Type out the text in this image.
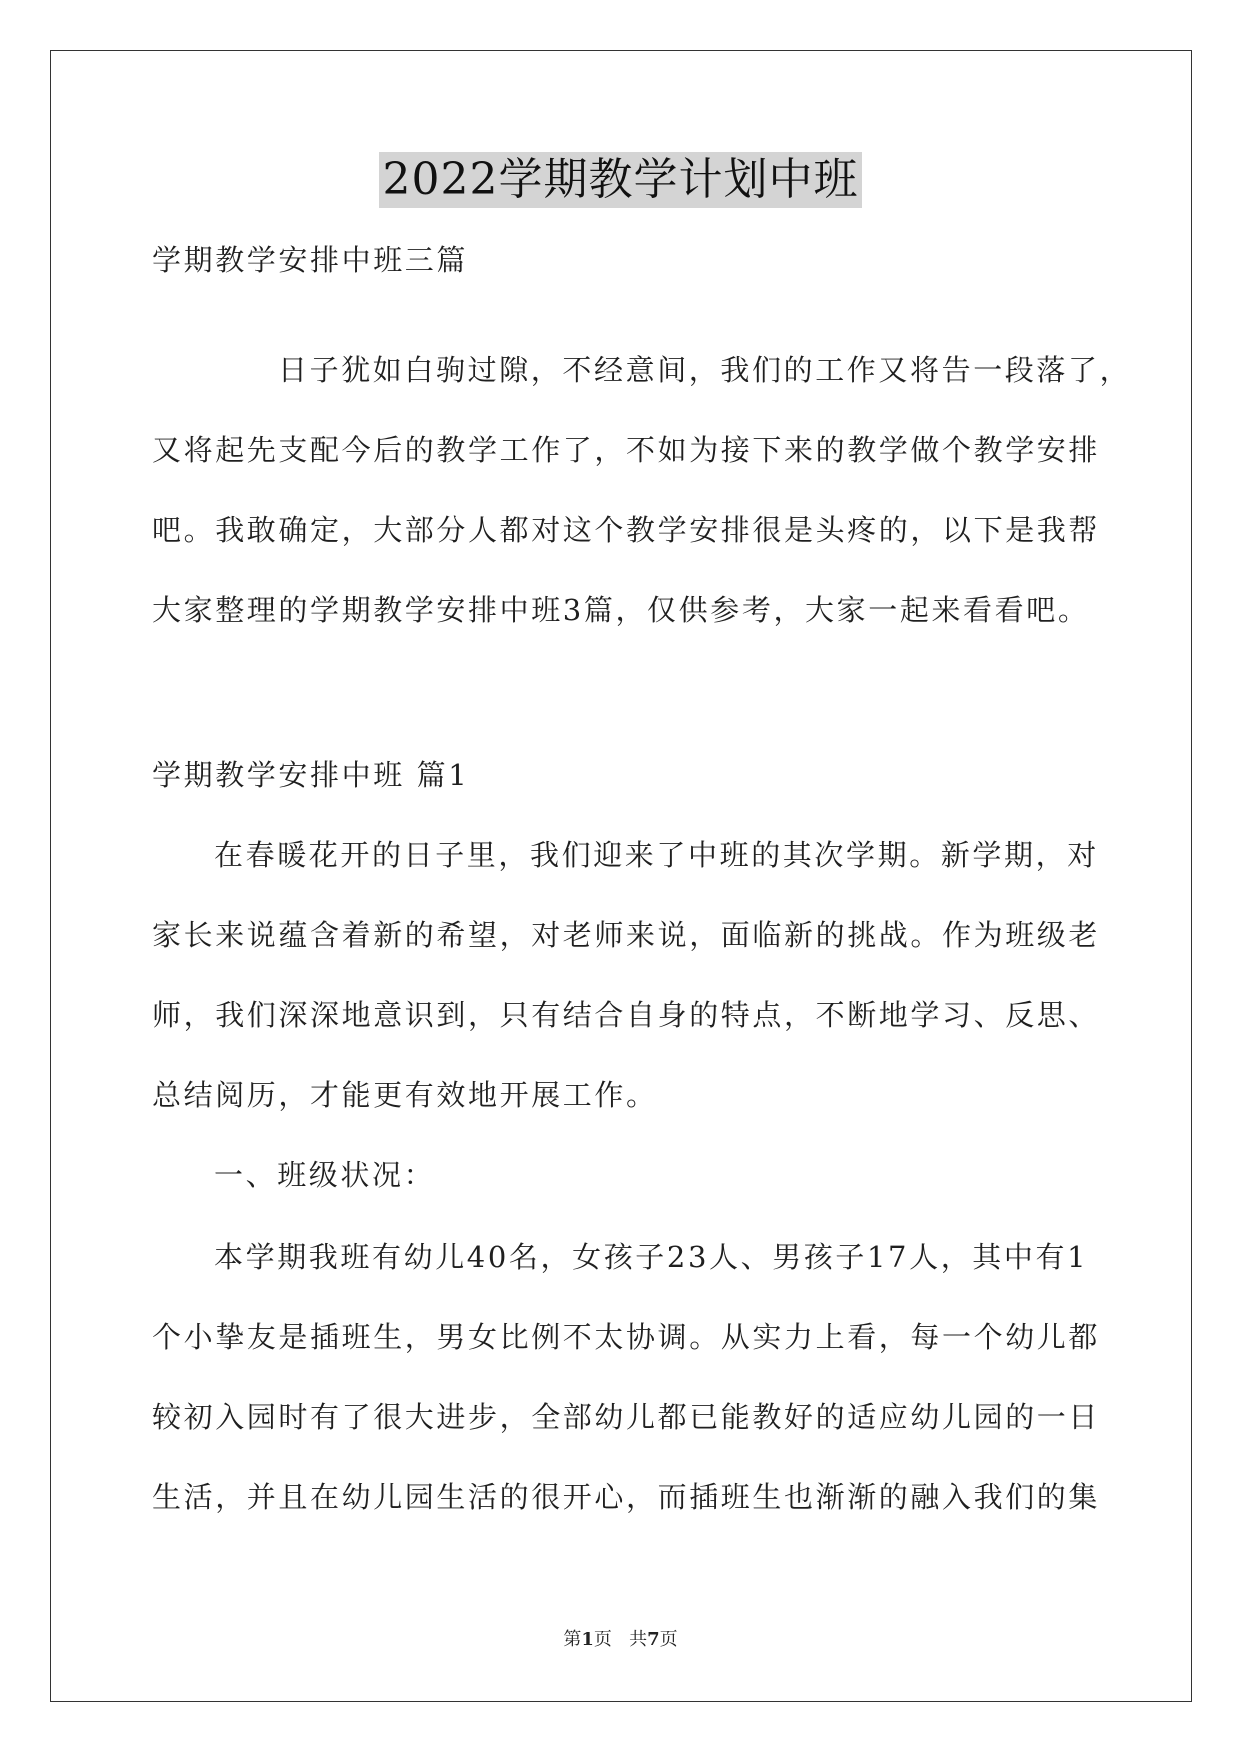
2022学期教学计划中班
学期教学安排中班三篇
日子犹如白驹过隙，不经意间，我们的工作又将告一段落了，
又将起先支配今后的教学工作了，不如为接下来的教学做个教学安排
吧。我敢确定，大部分人都对这个教学安排很是头疼的，以下是我帮
大家整理的学期教学安排中班3篇，仅供参考，大家一起来看看吧。
学期教学安排中班 篇1
在春暖花开的日子里，我们迎来了中班的其次学期。新学期，对
家长来说蕴含着新的希望，对老师来说，面临新的挑战。作为班级老
师，我们深深地意识到，只有结合自身的特点，不断地学习、反思、
总结阅历，才能更有效地开展工作。
一、班级状况：
本学期我班有幼儿40名，女孩子23人、男孩子17人，其中有1
个小挚友是插班生，男女比例不太协调。从实力上看，每一个幼儿都
较初入园时有了很大进步，全部幼儿都已能教好的适应幼儿园的一日
生活，并且在幼儿园生活的很开心，而插班生也渐渐的融入我们的集
第1页 共7页
